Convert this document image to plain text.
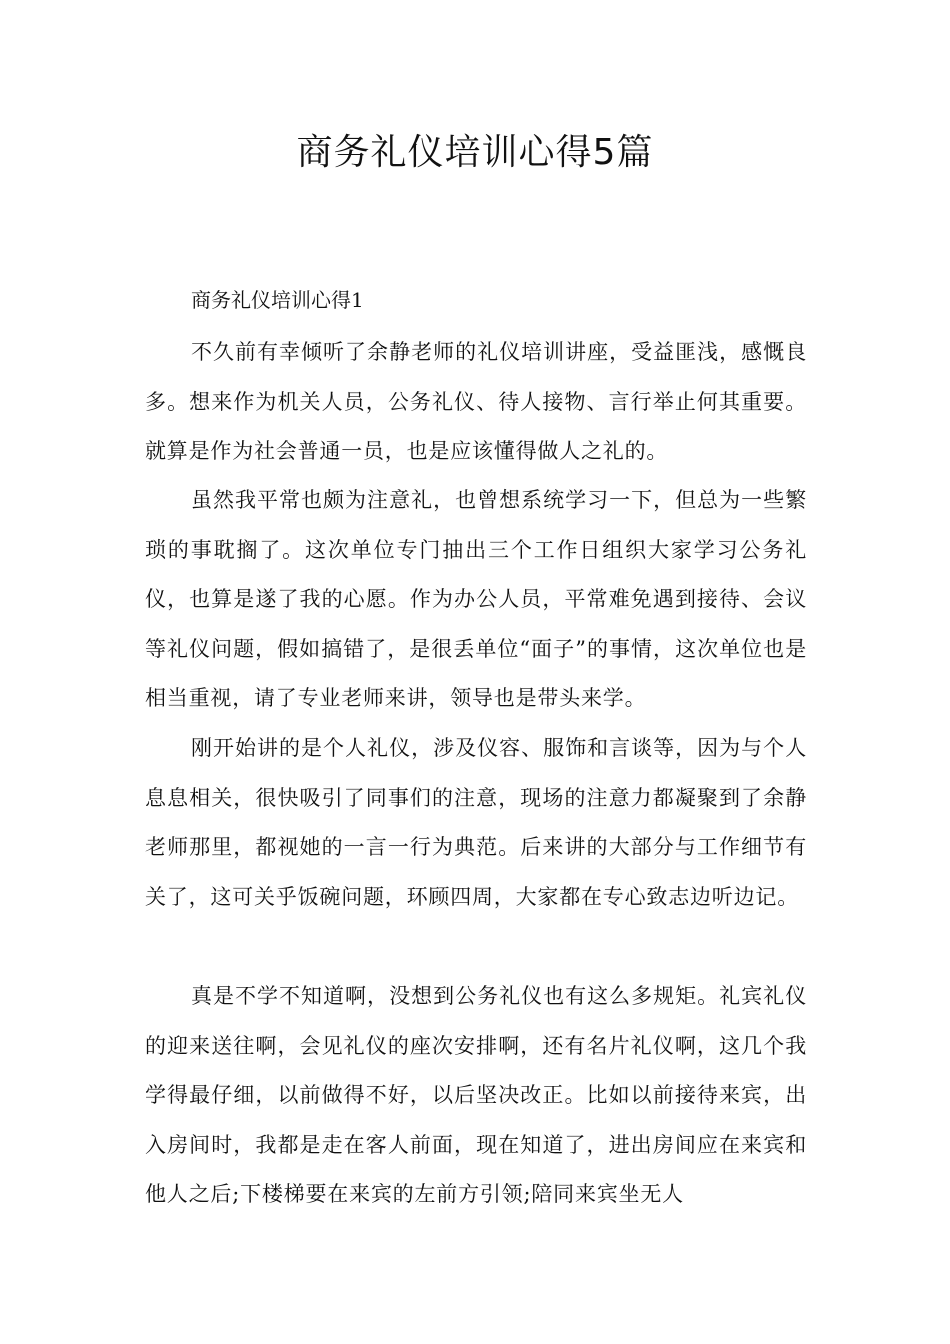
商务礼仪培训心得5篇
商务礼仪培训心得1

不久前有幸倾听了余静老师的礼仪培训讲座，受益匪浅，感慨良多。想来作为机关人员，公务礼仪、待人接物、言行举止何其重要。就算是作为社会普通一员，也是应该懂得做人之礼的。

虽然我平常也颇为注意礼，也曾想系统学习一下，但总为一些繁琐的事耽搁了。这次单位专门抽出三个工作日组织大家学习公务礼仪，也算是遂了我的心愿。作为办公人员，平常难免遇到接待、会议等礼仪问题，假如搞错了，是很丢单位“面子”的事情，这次单位也是相当重视，请了专业老师来讲，领导也是带头来学。

刚开始讲的是个人礼仪，涉及仪容、服饰和言谈等，因为与个人息息相关，很快吸引了同事们的注意，现场的注意力都凝聚到了余静老师那里，都视她的一言一行为典范。后来讲的大部分与工作细节有关了，这可关乎饭碗问题，环顾四周，大家都在专心致志边听边记。

真是不学不知道啊，没想到公务礼仪也有这么多规矩。礼宾礼仪的迎来送往啊，会见礼仪的座次安排啊，还有名片礼仪啊，这几个我学得最仔细，以前做得不好，以后坚决改正。比如以前接待来宾，出入房间时，我都是走在客人前面，现在知道了，进出房间应在来宾和他人之后;下楼梯要在来宾的左前方引领;陪同来宾坐无人
